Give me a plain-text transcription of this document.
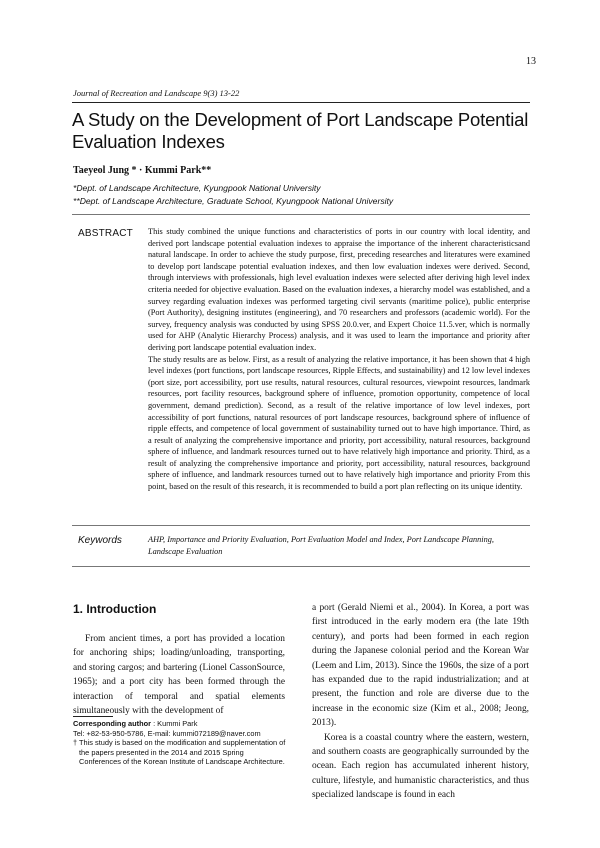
13
Journal of Recreation and Landscape 9(3) 13-22
A Study on the Development of Port Landscape Potential Evaluation Indexes
Taeyeol Jung * · Kummi Park**
*Dept. of Landscape Architecture, Kyungpook National University
**Dept. of Landscape Architecture, Graduate School, Kyungpook National University
ABSTRACT This study combined the unique functions and characteristics of ports in our country with local identity, and derived port landscape potential evaluation indexes to appraise the importance of the inherent characteristicsand natural landscape. In order to achieve the study purpose, first, preceding researches and literatures were examined to develop port landscape potential evaluation indexes, and then low evaluation indexes were derived. Second, through interviews with professionals, high level evaluation indexes were selected after deriving high level index criteria needed for objective evaluation. Based on the evaluation indexes, a hierarchy model was established, and a survey regarding evaluation indexes was performed targeting civil servants (maritime police), public enterprise (Port Authority), designing institutes (engineering), and 70 researchers and professors (academic world). For the survey, frequency analysis was conducted by using SPSS 20.0.ver, and Expert Choice 11.5.ver, which is normally used for AHP (Analytic Hierarchy Process) analysis, and it was used to learn the importance and priority after deriving port landscape potential evaluation index.

The study results are as below. First, as a result of analyzing the relative importance, it has been shown that 4 high level indexes (port functions, port landscape resources, Ripple Effects, and sustainability) and 12 low level indexes (port size, port accessibility, port use results, natural resources, cultural resources, viewpoint resources, landmark resources, port facility resources, background sphere of influence, promotion opportunity, competence of local government, demand prediction). Second, as a result of the relative importance of low level indexes, port accessibility of port functions, natural resources of port landscape resources, background sphere of influence of ripple effects, and competence of local government of sustainability turned out to have high importance. Third, as a result of analyzing the comprehensive importance and priority, port accessibility, natural resources, background sphere of influence, and landmark resources turned out to have relatively high importance and priority. Third, as a result of analyzing the comprehensive importance and priority, port accessibility, natural resources, background sphere of influence, and landmark resources turned out to have relatively high importance and priority From this point, based on the result of this research, it is recommended to build a port plan reflecting on its unique identity.

Keywords	AHP, Importance and Priority Evaluation, Port Evaluation Model and Index, Port Landscape Planning, Landscape Evaluation
1. Introduction

From ancient times, a port has provided a location for anchoring ships; loading/unloading, transporting, and storing cargos; and bartering (Lionel CassonSource, 1965); and a port city has been formed through the interaction of temporal and spatial elements simultaneously with the development of

a port (Gerald Niemi et al., 2004). In Korea, a port was first introduced in the early modern era (the late 19th century), and ports had been formed in each region during the Japanese colonial period and the Korean War (Leem and Lim, 2013). Since the 1960s, the size of a port has expanded due to the rapid industrialization; and at present, the function and role are diverse due to the increase in the economic size (Kim et al., 2008; Jeong, 2013).

Korea is a coastal country where the eastern, western, and southern coasts are geographically surrounded by the ocean. Each region has accumulated inherent history, culture, lifestyle, and humanistic characteristics, and thus specialized landscape is found in each

Corresponding author : Kummi Park

Tel: +82-53-950-5786, E-mail: kummi072189@naver.com

† This study is based on the modification and supplementation of the papers presented in the 2014 and 2015 Spring Conferences of the Korean Institute of Landscape Architecture.
